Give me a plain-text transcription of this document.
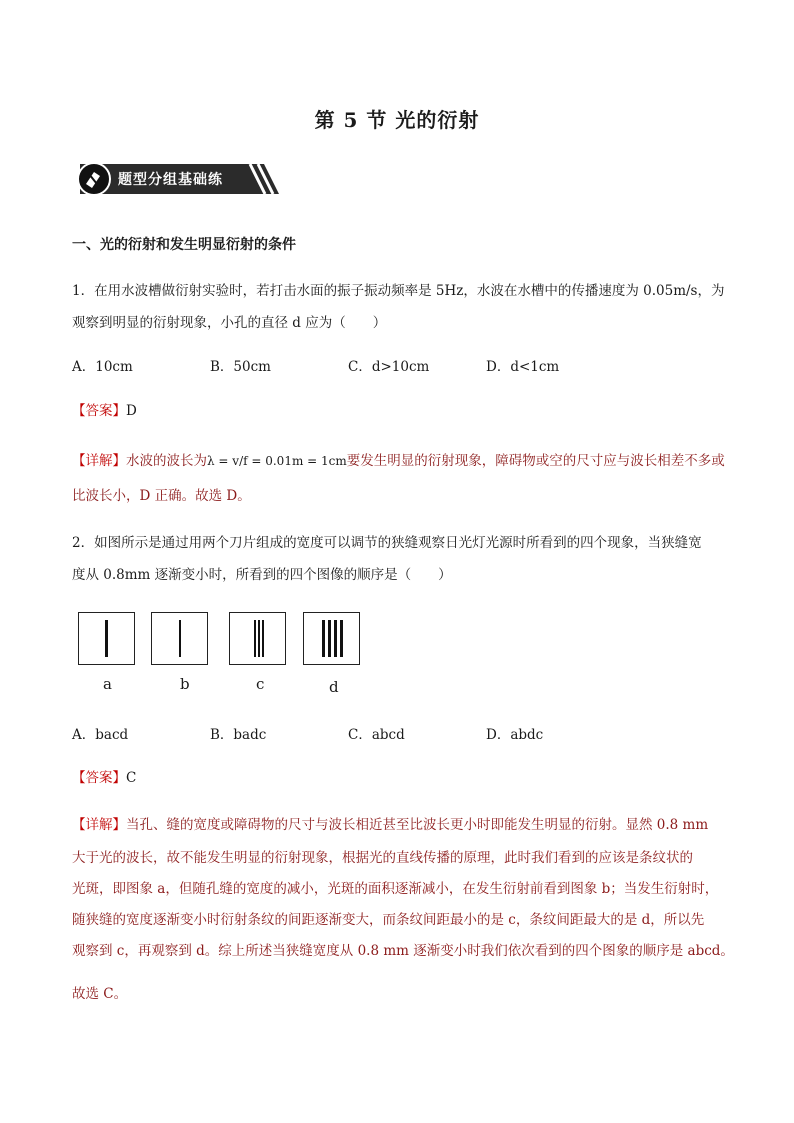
第 5 节 光的衍射
题型分组基础练
一、光的衍射和发生明显衍射的条件
1．在用水波槽做衍射实验时，若打击水面的振子振动频率是 5Hz，水波在水槽中的传播速度为 0.05m/s，为
观察到明显的衍射现象，小孔的直径 d 应为（　　）
A．10cm	B．50cm	C．d>10cm	D．d<1cm
【答案】D
【详解】水波的波长为λ = v/f = 0.01m = 1cm要发生明显的衍射现象，障碍物或空的尺寸应与波长相差不多或
比波长小，D 正确。故选 D。
2．如图所示是通过用两个刀片组成的宽度可以调节的狭缝观察日光灯光源时所看到的四个现象，当狭缝宽
度从 0.8mm 逐渐变小时，所看到的四个图像的顺序是（　　）
a	b	c	d
A．bacd	B．badc	C．abcd	D．abdc
【答案】C
【详解】当孔、缝的宽度或障碍物的尺寸与波长相近甚至比波长更小时即能发生明显的衍射。显然 0.8 mm
大于光的波长，故不能发生明显的衍射现象，根据光的直线传播的原理，此时我们看到的应该是条纹状的
光斑，即图象 a，但随孔缝的宽度的减小，光斑的面积逐渐减小，在发生衍射前看到图象 b；当发生衍射时，
随狭缝的宽度逐渐变小时衍射条纹的间距逐渐变大，而条纹间距最小的是 c，条纹间距最大的是 d，所以先
观察到 c，再观察到 d。综上所述当狭缝宽度从 0.8 mm 逐渐变小时我们依次看到的四个图象的顺序是 abcd。
故选 C。
